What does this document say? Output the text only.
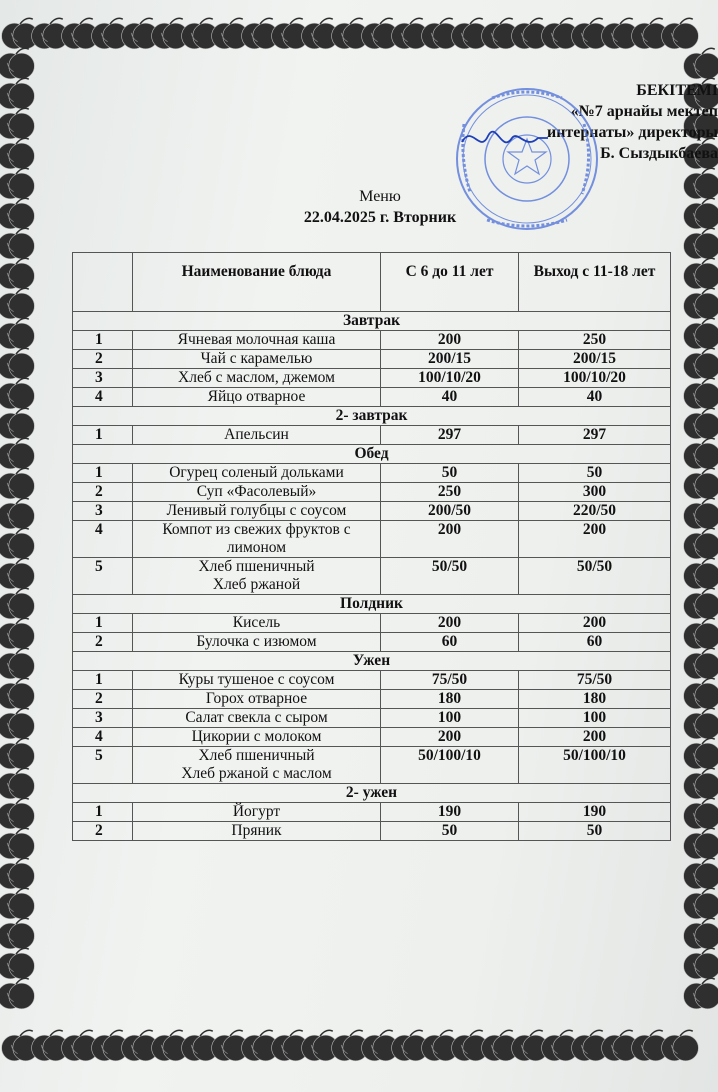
БЕКІТЕМІ
«№7 арнайы мектеп
интернаты» директоры
Б. Сыздыкбаева
Меню
22.04.2025 г. Вторник
	Наименование блюда	С 6 до 11 лет	Выход с 11-18 лет
Завтрак			
1	Ячневая молочная каша	200	250
2	Чай с карамелью	200/15	200/15
3	Хлеб с маслом, джемом	100/10/20	100/10/20
4	Яйцо отварное	40	40
2- завтрак			
1	Апельсин	297	297
Обед			
1	Огурец соленый дольками	50	50
2	Суп «Фасолевый»	250	300
3	Ленивый голубцы с соусом	200/50	220/50
4	Компот из свежих фруктов с лимоном	200	200
5	Хлеб пшеничный
Хлеб ржаной	50/50	50/50
Полдник			
1	Кисель	200	200
2	Булочка с изюмом	60	60
Ужен			
1	Куры тушеное с соусом	75/50	75/50
2	Горох отварное	180	180
3	Салат свекла с сыром	100	100
4	Цикории с молоком	200	200
5	Хлеб пшеничный
Хлеб ржаной с маслом	50/100/10	50/100/10
2- ужен			
1	Йогурт	190	190
2	Пряник	50	50
